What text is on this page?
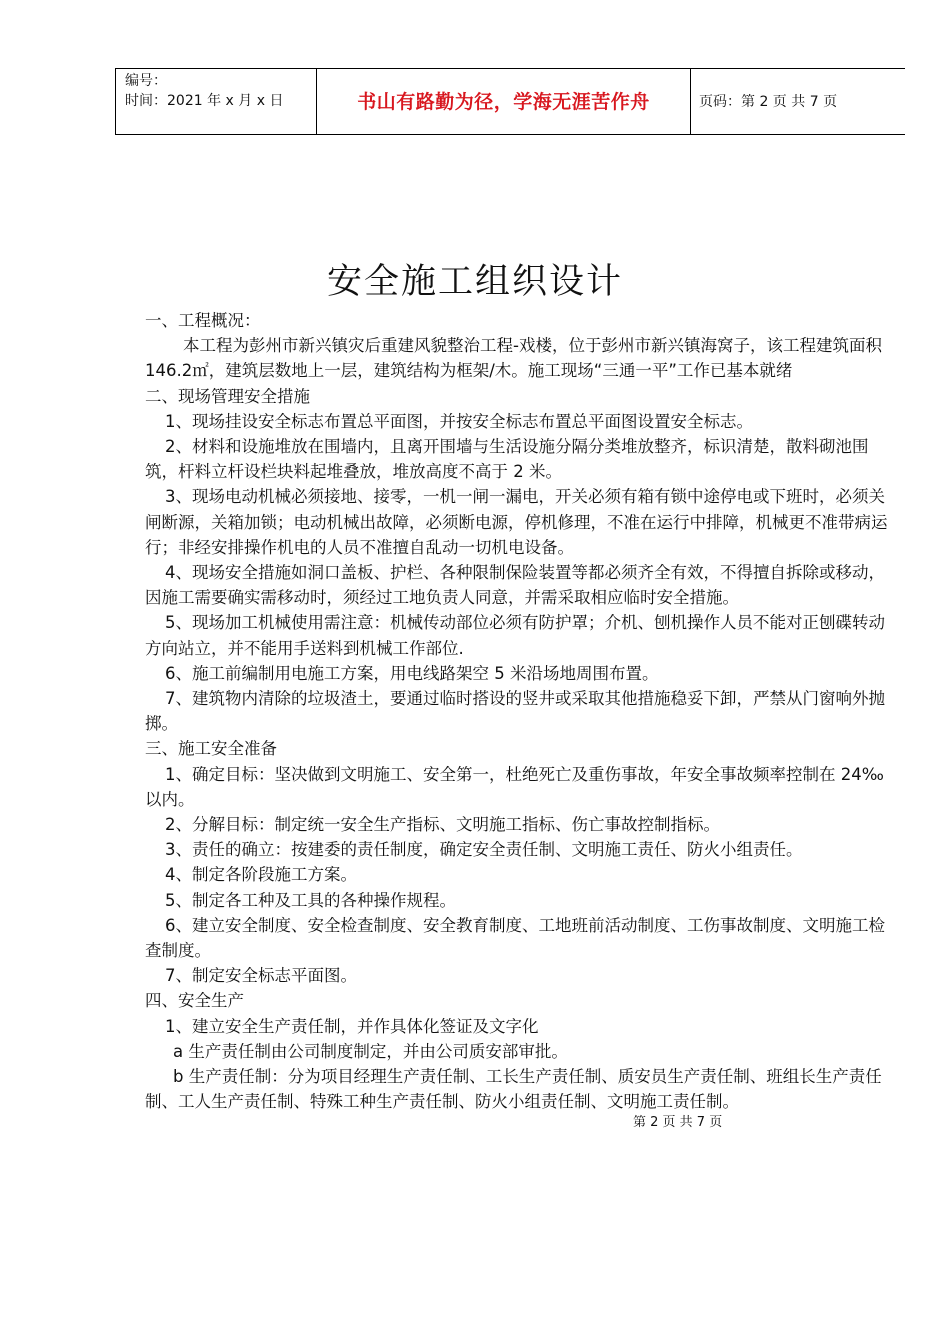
编号：
时间：2021 年 x 月 x 日	书山有路勤为径，学海无涯苦作舟	页码：第 2 页 共 7 页
安全施工组织设计

一、工程概况：

本工程为彭州市新兴镇灾后重建风貌整治工程-戏楼，位于彭州市新兴镇海窝子，该工程建筑面积 146.2㎡，建筑层数地上一层，建筑结构为框架/木。施工现场“三通一平”工作已基本就绪

二、现场管理安全措施

1、现场挂设安全标志布置总平面图，并按安全标志布置总平面图设置安全标志。

2、材料和设施堆放在围墙内，且离开围墙与生活设施分隔分类堆放整齐，标识清楚，散料砌池围筑，杆料立杆设栏块料起堆叠放，堆放高度不高于 2 米。

3、现场电动机械必须接地、接零，一机一闸一漏电，开关必须有箱有锁中途停电或下班时，必须关闸断源，关箱加锁；电动机械出故障，必须断电源，停机修理，不准在运行中排障，机械更不准带病运行；非经安排操作机电的人员不准擅自乱动一切机电设备。

4、现场安全措施如洞口盖板、护栏、各种限制保险装置等都必须齐全有效，不得擅自拆除或移动，因施工需要确实需移动时，须经过工地负责人同意，并需采取相应临时安全措施。

5、现场加工机械使用需注意：机械传动部位必须有防护罩；介机、刨机操作人员不能对正刨碟转动方向站立，并不能用手送料到机械工作部位.

6、施工前编制用电施工方案，用电线路架空 5 米沿场地周围布置。

7、建筑物内清除的垃圾渣土，要通过临时搭设的竖井或采取其他措施稳妥下卸，严禁从门窗响外抛掷。

三、施工安全准备

1、确定目标：坚决做到文明施工、安全第一，杜绝死亡及重伤事故，年安全事故频率控制在 24‰以内。

2、分解目标：制定统一安全生产指标、文明施工指标、伤亡事故控制指标。

3、责任的确立：按建委的责任制度，确定安全责任制、文明施工责任、防火小组责任。

4、制定各阶段施工方案。

5、制定各工种及工具的各种操作规程。

6、建立安全制度、安全检查制度、安全教育制度、工地班前活动制度、工伤事故制度、文明施工检查制度。

7、制定安全标志平面图。

四、安全生产

1、建立安全生产责任制，并作具体化签证及文字化

a 生产责任制由公司制度制定，并由公司质安部审批。

b 生产责任制：分为项目经理生产责任制、工长生产责任制、质安员生产责任制、班组长生产责任制、工人生产责任制、特殊工种生产责任制、防火小组责任制、文明施工责任制。

第 2 页 共 7 页
